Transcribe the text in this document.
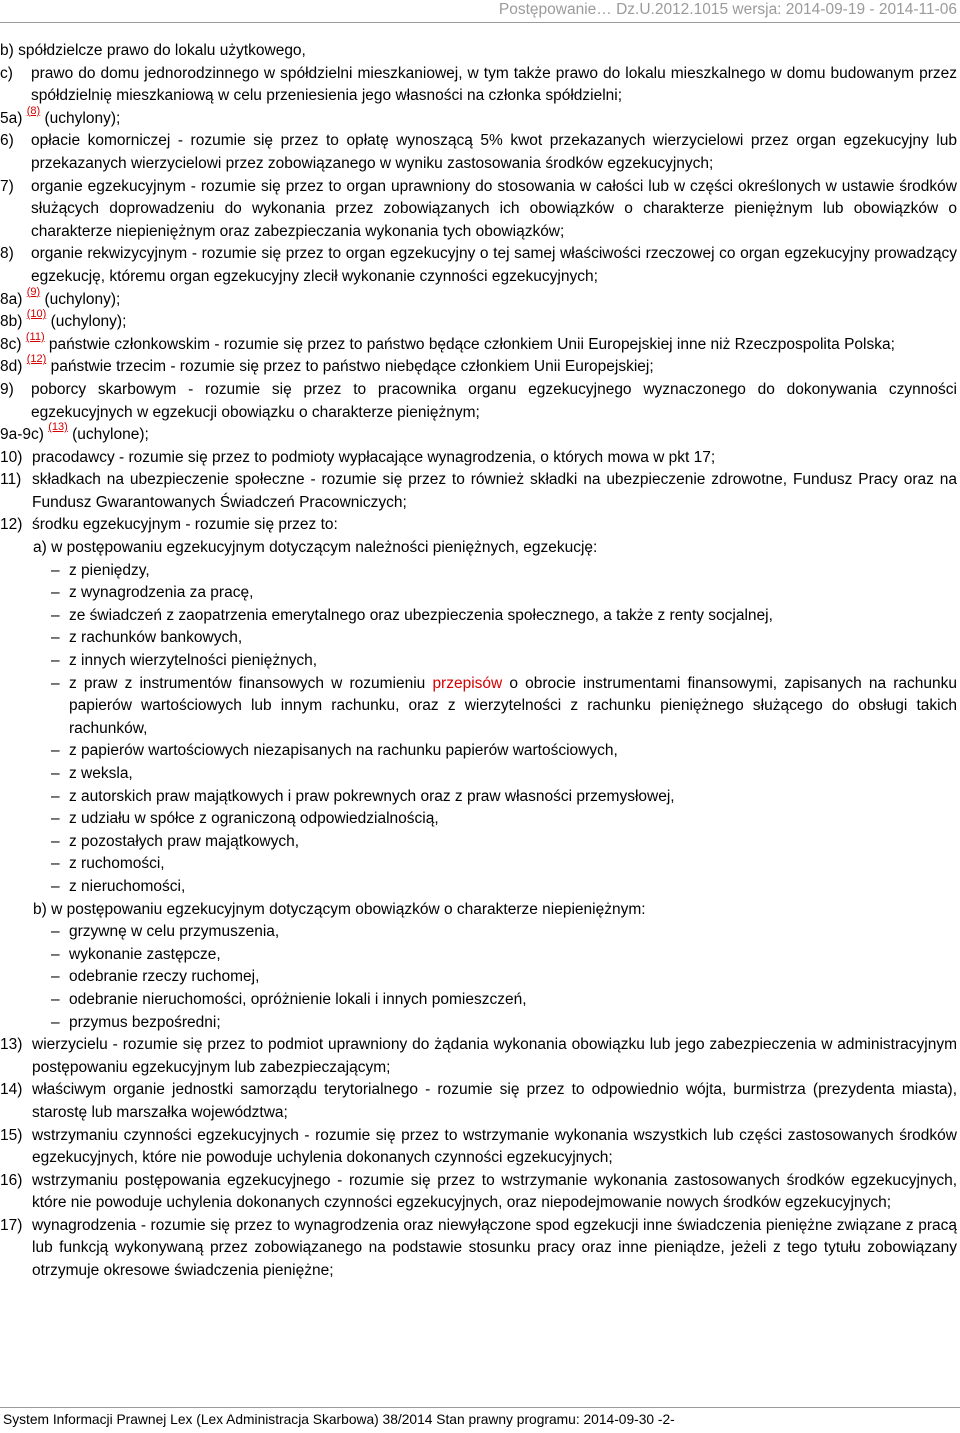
Postępowanie… Dz.U.2012.1015 wersja: 2014-09-19 - 2014-11-06
b) spółdzielcze prawo do lokalu użytkowego,
c)	prawo do domu jednorodzinnego w spółdzielni mieszkaniowej, w tym także prawo do lokalu mieszkalnego w domu budowanym przez spółdzielnię mieszkaniową w celu przeniesienia jego własności na członka spółdzielni;
5a) $^{(8)}$ (uchylony);
6)	opłacie komorniczej - rozumie się przez to opłatę wynoszącą 5% kwot przekazanych wierzycielowi przez organ egzekucyjny lub przekazanych wierzycielowi przez zobowiązanego w wyniku zastosowania środków egzekucyjnych;
7)	organie egzekucyjnym - rozumie się przez to organ uprawniony do stosowania w całości lub w części określonych w ustawie środków służących doprowadzeniu do wykonania przez zobowiązanych ich obowiązków o charakterze pieniężnym lub obowiązków o charakterze niepieniężnym oraz zabezpieczania wykonania tych obowiązków;
8)	organie rekwizycyjnym - rozumie się przez to organ egzekucyjny o tej samej właściwości rzeczowej co organ egzekucyjny prowadzący egzekucję, któremu organ egzekucyjny zlecił wykonanie czynności egzekucyjnych;
8a) $^{(9)}$ (uchylony);
8b) $^{(10)}$ (uchylony);
8c) $^{(11)}$ państwie członkowskim - rozumie się przez to państwo będące członkiem Unii Europejskiej inne niż Rzeczpospolita Polska;
8d) $^{(12)}$ państwie trzecim - rozumie się przez to państwo niebędące członkiem Unii Europejskiej;
9)	poborcy skarbowym - rozumie się przez to pracownika organu egzekucyjnego wyznaczonego do dokonywania czynności egzekucyjnych w egzekucji obowiązku o charakterze pieniężnym;
9a-9c) $^{(13)}$ (uchylone);
10) pracodawcy - rozumie się przez to podmioty wypłacające wynagrodzenia, o których mowa w pkt 17;
11) składkach na ubezpieczenie społeczne - rozumie się przez to również składki na ubezpieczenie zdrowotne, Fundusz Pracy oraz na Fundusz Gwarantowanych Świadczeń Pracowniczych;
12) środku egzekucyjnym - rozumie się przez to:
a) w postępowaniu egzekucyjnym dotyczącym należności pieniężnych, egzekucję:
– z pieniędzy,
– z wynagrodzenia za pracę,
– ze świadczeń z zaopatrzenia emerytalnego oraz ubezpieczenia społecznego, a także z renty socjalnej,
– z rachunków bankowych,
– z innych wierzytelności pieniężnych,
– z praw z instrumentów finansowych w rozumieniu przepisów o obrocie instrumentami finansowymi, zapisanych na rachunku papierów wartościowych lub innym rachunku, oraz z wierzytelności z rachunku pieniężnego służącego do obsługi takich rachunków,
– z papierów wartościowych niezapisanych na rachunku papierów wartościowych,
– z weksla,
– z autorskich praw majątkowych i praw pokrewnych oraz z praw własności przemysłowej,
– z udziału w spółce z ograniczoną odpowiedzialnością,
– z pozostałych praw majątkowych,
– z ruchomości,
– z nieruchomości,
b) w postępowaniu egzekucyjnym dotyczącym obowiązków o charakterze niepieniężnym:
– grzywnę w celu przymuszenia,
– wykonanie zastępcze,
– odebranie rzeczy ruchomej,
– odebranie nieruchomości, opróżnienie lokali i innych pomieszczeń,
– przymus bezpośredni;
13) wierzycielu - rozumie się przez to podmiot uprawniony do żądania wykonania obowiązku lub jego zabezpieczenia w administracyjnym postępowaniu egzekucyjnym lub zabezpieczającym;
14) właściwym organie jednostki samorządu terytorialnego - rozumie się przez to odpowiednio wójta, burmistrza (prezydenta miasta), starostę lub marszałka województwa;
15) wstrzymaniu czynności egzekucyjnych - rozumie się przez to wstrzymanie wykonania wszystkich lub części zastosowanych środków egzekucyjnych, które nie powoduje uchylenia dokonanych czynności egzekucyjnych;
16) wstrzymaniu postępowania egzekucyjnego - rozumie się przez to wstrzymanie wykonania zastosowanych środków egzekucyjnych, które nie powoduje uchylenia dokonanych czynności egzekucyjnych, oraz niepodejmowanie nowych środków egzekucyjnych;
17) wynagrodzenia - rozumie się przez to wynagrodzenia oraz niewyłączone spod egzekucji inne świadczenia pieniężne związane z pracą lub funkcją wykonywaną przez zobowiązanego na podstawie stosunku pracy oraz inne pieniądze, jeżeli z tego tytułu zobowiązany otrzymuje okresowe świadczenia pieniężne;
System Informacji Prawnej Lex (Lex Administracja Skarbowa) 38/2014 Stan prawny programu: 2014-09-30 -2-
